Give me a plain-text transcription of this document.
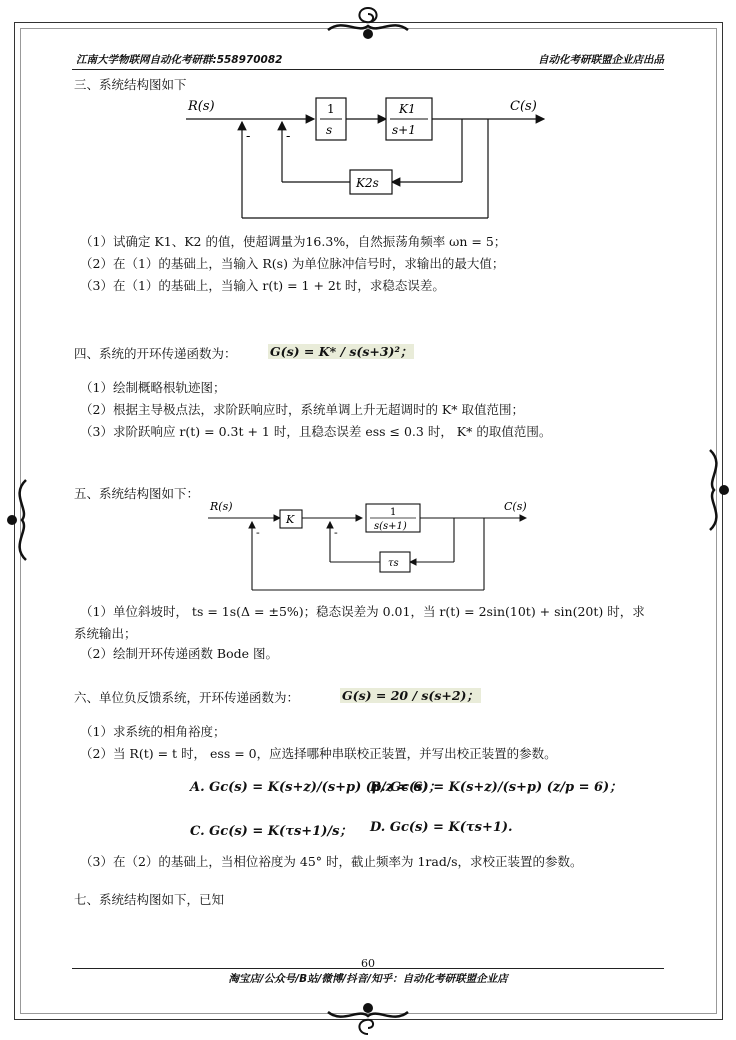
江南大学物联网自动化考研群:558970082	自动化考研联盟企业店出品
三、系统结构图如下
R(s)	C(s)
-	-
1
s
K1
s+1
K2s
（1）试确定 K1、K2 的值，使超调量为16.3%，自然振荡角频率 ωn = 5；
（2）在（1）的基础上，当输入 R(s) 为单位脉冲信号时，求输出的最大值；
（3）在（1）的基础上，当输入 r(t) = 1 + 2t 时，求稳态误差。
四、系统的开环传递函数为：	G(s) = K* / s(s+3)²；
（1）绘制概略根轨迹图；
（2）根据主导极点法，求阶跃响应时，系统单调上升无超调时的 K* 取值范围；
（3）求阶跃响应 r(t) = 0.3t + 1 时，且稳态误差 ess ≤ 0.3 时， K* 的取值范围。
五、系统结构图如下：
R(s)	C(s)
K
1
s(s+1)
τs
-	-
（1）单位斜坡时， ts = 1s(Δ = ±5%)；稳态误差为 0.01，当 r(t) = 2sin(10t) + sin(20t) 时，求
系统输出；
（2）绘制开环传递函数 Bode 图。
六、单位负反馈系统，开环传递函数为：	G(s) = 20 / s(s+2)；
（1）求系统的相角裕度；
（2）当 R(t) = t 时， ess = 0，应选择哪种串联校正装置，并写出校正装置的参数。
A. Gc(s) = K(s+z)/(s+p) (p/z = 6)；
B. Gc(s) = K(s+z)/(s+p) (z/p = 6)；
C. Gc(s) = K(τs+1)/s； D. Gc(s) = K(τs+1).
（3）在（2）的基础上，当相位裕度为 45° 时，截止频率为 1rad/s，求校正装置的参数。
七、系统结构图如下，已知
60
淘宝店/公众号/B站/微博/抖音/知乎：自动化考研联盟企业店
